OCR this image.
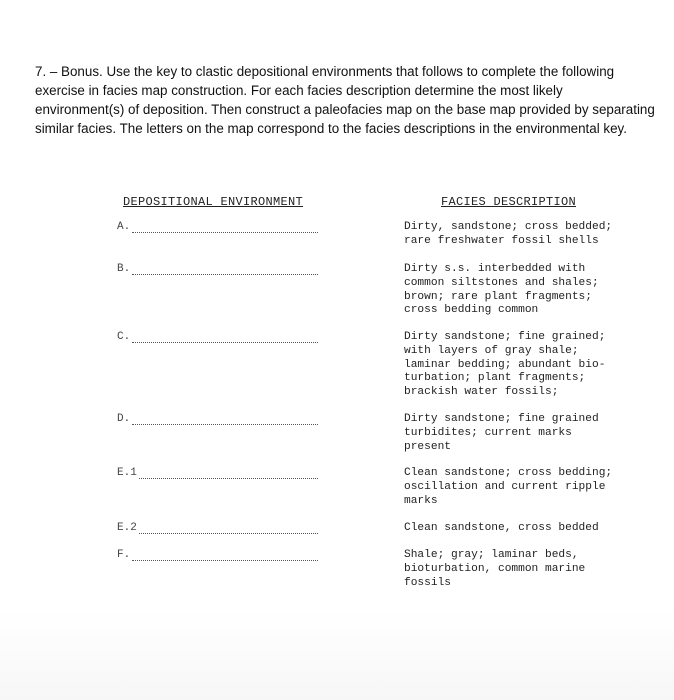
7. – Bonus. Use the key to clastic depositional environments that follows to complete the following exercise in facies map construction. For each facies description determine the most likely environment(s) of deposition. Then construct a paleofacies map on the base map provided by separating similar facies. The letters on the map correspond to the facies descriptions in the environmental key.
DEPOSITIONAL ENVIRONMENT	FACIES DESCRIPTION
A.	Dirty, sandstone; cross bedded;
rare freshwater fossil shells
B.	Dirty s.s. interbedded with
common siltstones and shales;
brown; rare plant fragments;
cross bedding common
C.	Dirty sandstone; fine grained;
with layers of gray shale;
laminar bedding; abundant bio-
turbation; plant fragments;
brackish water fossils;
D.	Dirty sandstone; fine grained
turbidites; current marks
present
E.1	Clean sandstone; cross bedding;
oscillation and current ripple
marks
E.2	Clean sandstone, cross bedded
F.	Shale; gray; laminar beds,
bioturbation, common marine
fossils
